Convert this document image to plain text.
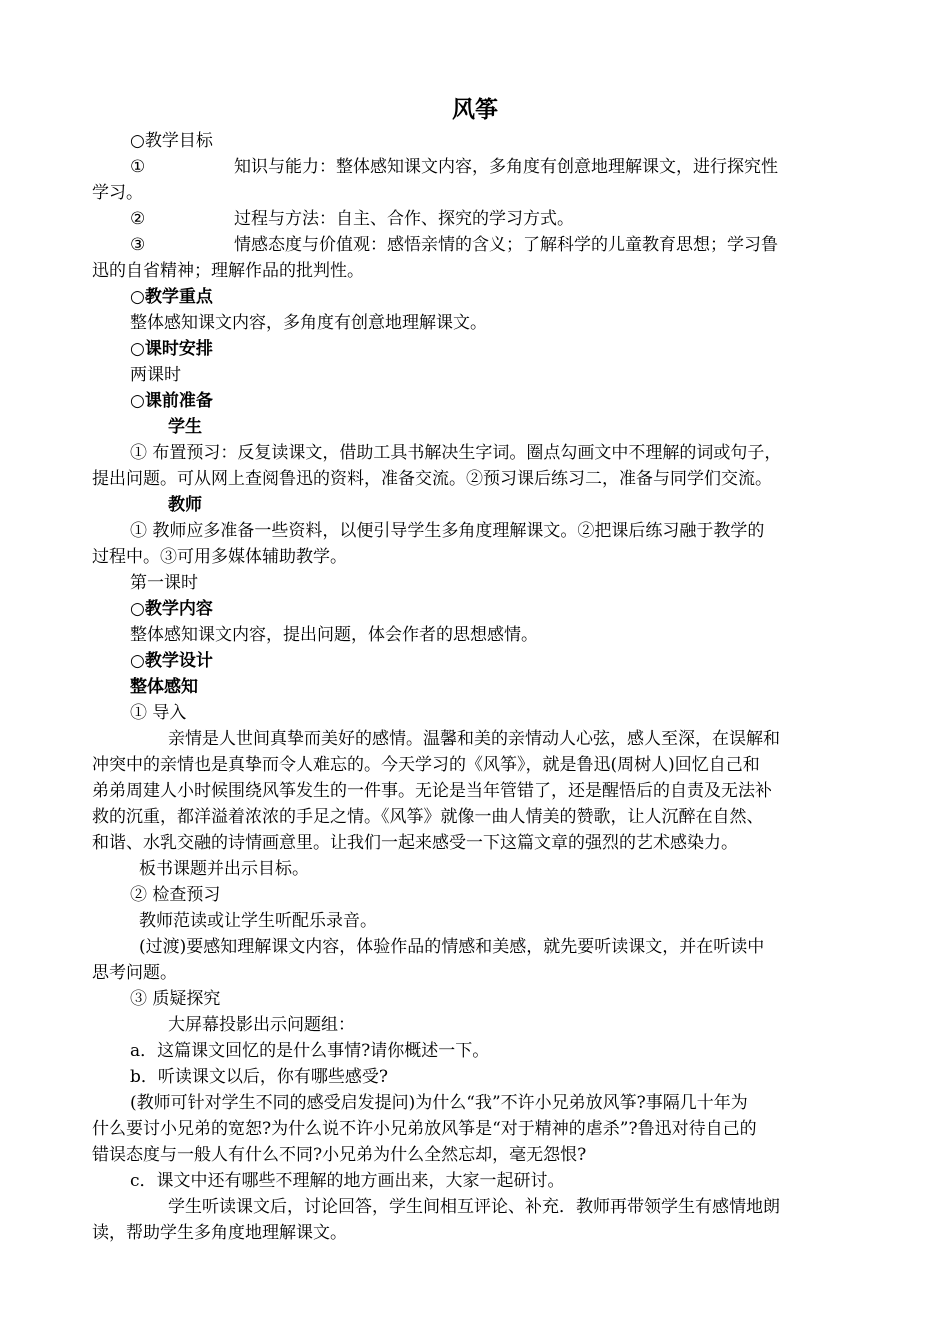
风筝

○教学目标

①	知识与能力：整体感知课文内容，多角度有创意地理解课文，进行探究性

学习。

②	过程与方法：自主、合作、探究的学习方式。
③	情感态度与价值观：感悟亲情的含义；了解科学的儿童教育思想；学习鲁

迅的自省精神；理解作品的批判性。

○教学重点

整体感知课文内容，多角度有创意地理解课文。

○课时安排

两课时

○课前准备

学生

① 布置预习：反复读课文，借助工具书解决生字词。圈点勾画文中不理解的词或句子，

提出问题。可从网上查阅鲁迅的资料，准备交流。②预习课后练习二，准备与同学们交流。

教师

① 教师应多准备一些资料，以便引导学生多角度理解课文。②把课后练习融于教学的

过程中。③可用多媒体辅助教学。

第一课时

○教学内容

整体感知课文内容，提出问题，体会作者的思想感情。

○教学设计

整体感知

① 导入

亲情是人世间真挚而美好的感情。温馨和美的亲情动人心弦，感人至深，在误解和

冲突中的亲情也是真挚而令人难忘的。今天学习的《风筝》，就是鲁迅(周树人)回忆自己和

弟弟周建人小时候围绕风筝发生的一件事。无论是当年管错了，还是醒悟后的自责及无法补

救的沉重，都洋溢着浓浓的手足之情。《风筝》就像一曲人情美的赞歌，让人沉醉在自然、

和谐、水乳交融的诗情画意里。让我们一起来感受一下这篇文章的强烈的艺术感染力。

板书课题并出示目标。

② 检查预习

教师范读或让学生听配乐录音。

(过渡)要感知理解课文内容，体验作品的情感和美感，就先要听读课文，并在听读中

思考问题。

③ 质疑探究

大屏幕投影出示问题组：

a．这篇课文回忆的是什么事情?请你概述一下。

b．听读课文以后，你有哪些感受?

(教师可针对学生不同的感受启发提问)为什么“我”不许小兄弟放风筝?事隔几十年为

什么要讨小兄弟的宽恕?为什么说不许小兄弟放风筝是“对于精神的虐杀”?鲁迅对待自己的

错误态度与一般人有什么不同?小兄弟为什么全然忘却，毫无怨恨?

c．课文中还有哪些不理解的地方画出来，大家一起研讨。

学生听读课文后，讨论回答，学生间相互评论、补充．教师再带领学生有感情地朗

读，帮助学生多角度地理解课文。
